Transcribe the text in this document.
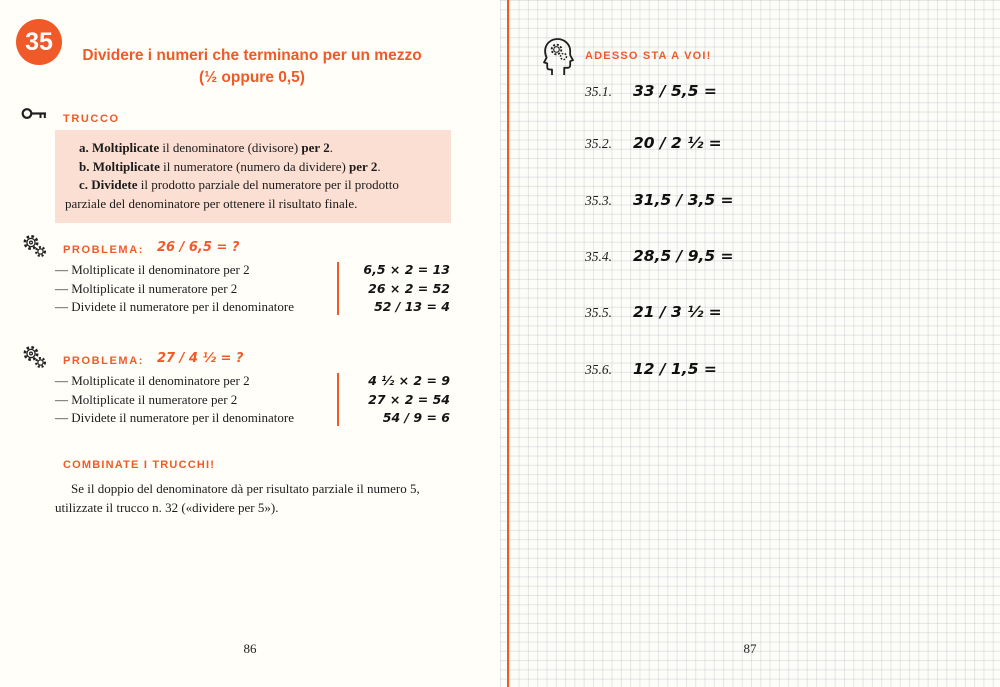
35	Dividere i numeri che terminano per un mezzo
(½ oppure 0,5)
TRUCCO

a. Moltiplicate il denominatore (divisore) per 2.

b. Moltiplicate il numeratore (numero da dividere) per 2.

c. Dividete il prodotto parziale del numeratore per il prodotto parziale del denominatore per ottenere il risultato finale.

PROBLEMA: $^{26 / 6,5 = ?}$
— Moltiplicate il denominatore per 2	6,5 × 2 = 13
— Moltiplicate il numeratore per 2	26 × 2 = 52
— Dividete il numeratore per il denominatore	52 / 13 = 4
PROBLEMA: $^{27 / 4 \frac{1}{2} = ?}$
— Moltiplicate il denominatore per 2	4 ½ × 2 = 9
— Moltiplicate il numeratore per 2	27 × 2 = 54
— Dividete il numeratore per il denominatore	54 / 9 = 6
COMBINATE I TRUCCHI!
Se il doppio del denominatore dà per risultato parziale il numero 5, utilizzate il trucco n. 32 («dividere per 5»).
86
ADESSO STA A VOI!
35.1. 33 / 5,5 =
35.2. 20 / 2 ½ =
35.3. 31,5 / 3,5 =
35.4. 28,5 / 9,5 =
35.5. 21 / 3 ½ =
35.6. 12 / 1,5 =
87
